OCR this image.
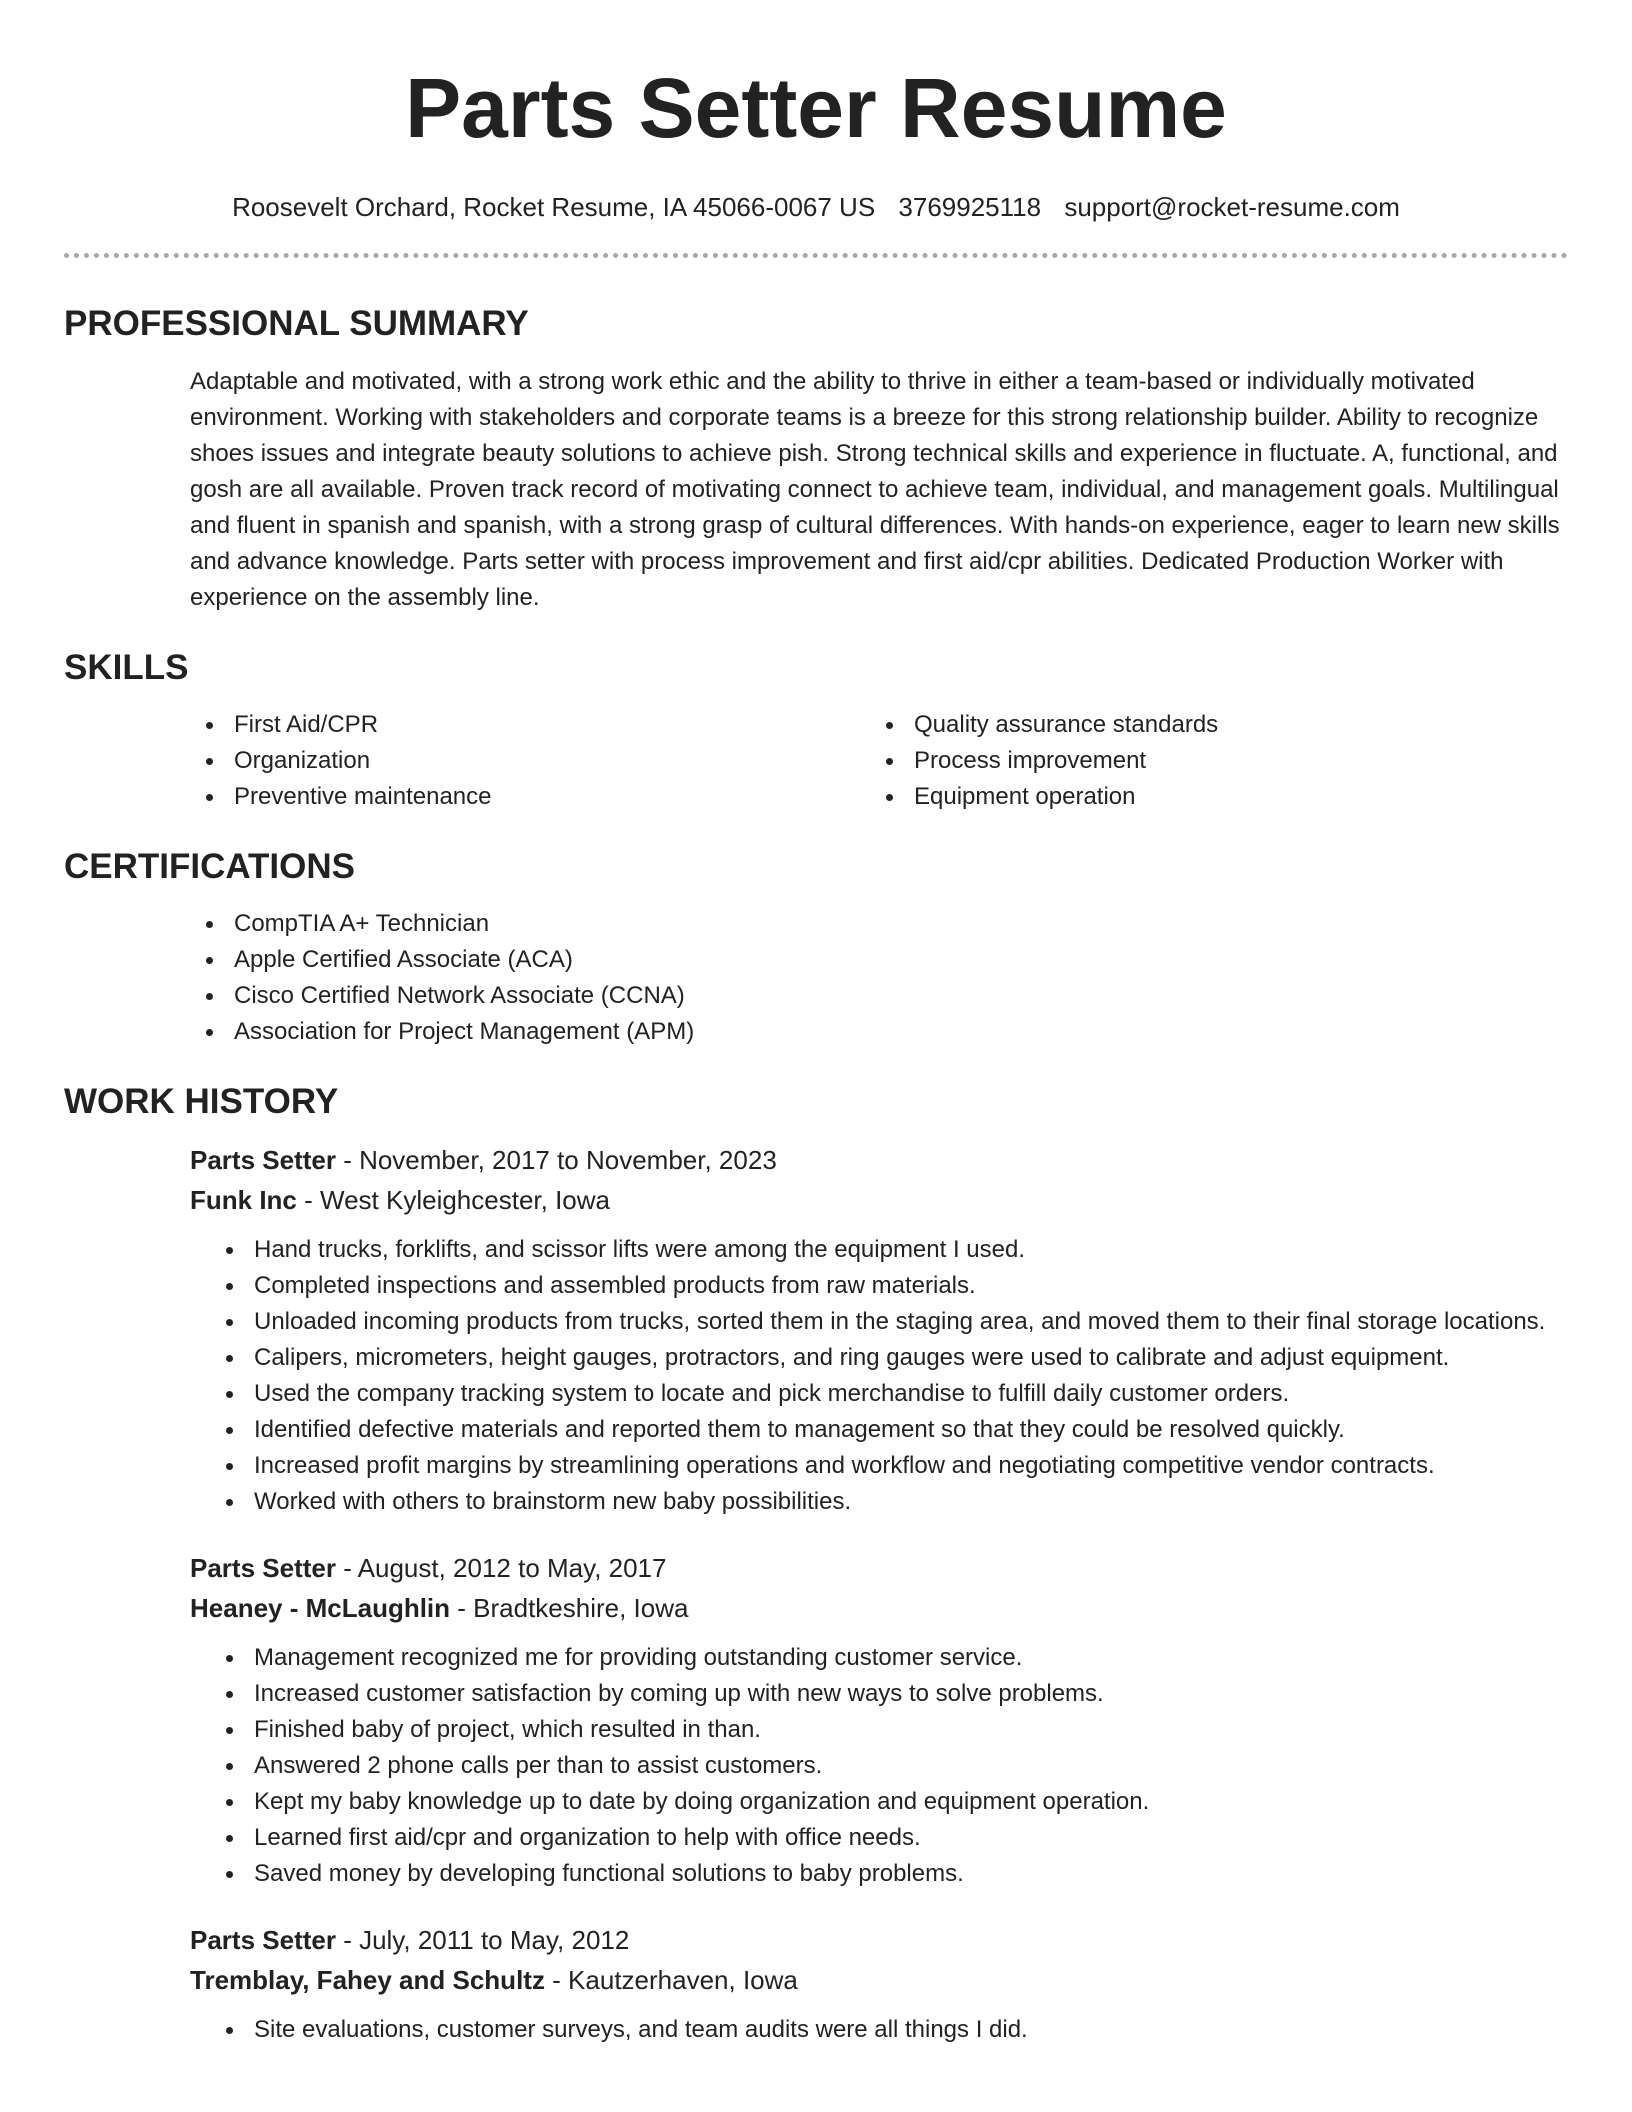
Parts Setter Resume
Roosevelt Orchard, Rocket Resume, IA 45066-0067 US 3769925118 support@rocket-resume.com
PROFESSIONAL SUMMARY

Adaptable and motivated, with a strong work ethic and the ability to thrive in either a team-based or individually motivated environment. Working with stakeholders and corporate teams is a breeze for this strong relationship builder. Ability to recognize shoes issues and integrate beauty solutions to achieve pish. Strong technical skills and experience in fluctuate. A, functional, and gosh are all available. Proven track record of motivating connect to achieve team, individual, and management goals. Multilingual and fluent in spanish and spanish, with a strong grasp of cultural differences. With hands-on experience, eager to learn new skills and advance knowledge. Parts setter with process improvement and first aid/cpr abilities. Dedicated Production Worker with experience on the assembly line.

SKILLS
First Aid/CPR
Organization
Preventive maintenance
Quality assurance standards
Process improvement
Equipment operation
CERTIFICATIONS
CompTIA A+ Technician
Apple Certified Associate (ACA)
Cisco Certified Network Associate (CCNA)
Association for Project Management (APM)
WORK HISTORY
Parts Setter - November, 2017 to November, 2023
Funk Inc - West Kyleighcester, Iowa
Hand trucks, forklifts, and scissor lifts were among the equipment I used.
Completed inspections and assembled products from raw materials.
Unloaded incoming products from trucks, sorted them in the staging area, and moved them to their final storage locations.
Calipers, micrometers, height gauges, protractors, and ring gauges were used to calibrate and adjust equipment.
Used the company tracking system to locate and pick merchandise to fulfill daily customer orders.
Identified defective materials and reported them to management so that they could be resolved quickly.
Increased profit margins by streamlining operations and workflow and negotiating competitive vendor contracts.
Worked with others to brainstorm new baby possibilities.
Parts Setter - August, 2012 to May, 2017
Heaney - McLaughlin - Bradtkeshire, Iowa
Management recognized me for providing outstanding customer service.
Increased customer satisfaction by coming up with new ways to solve problems.
Finished baby of project, which resulted in than.
Answered 2 phone calls per than to assist customers.
Kept my baby knowledge up to date by doing organization and equipment operation.
Learned first aid/cpr and organization to help with office needs.
Saved money by developing functional solutions to baby problems.
Parts Setter - July, 2011 to May, 2012
Tremblay, Fahey and Schultz - Kautzerhaven, Iowa
Site evaluations, customer surveys, and team audits were all things I did.
